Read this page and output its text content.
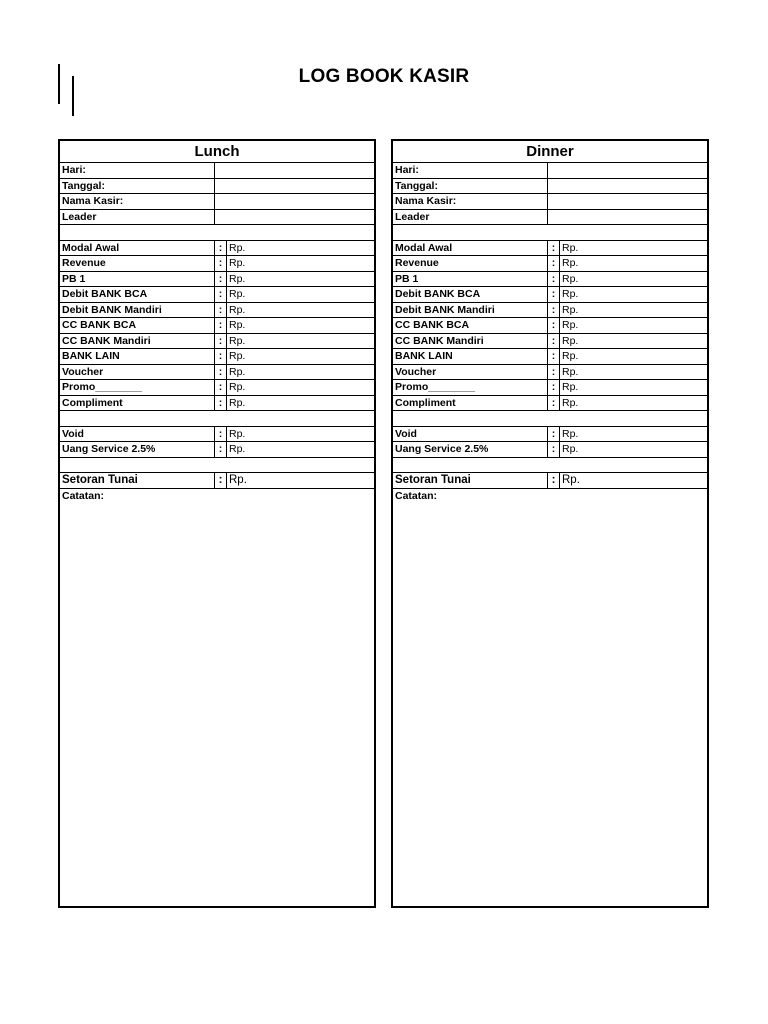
LOG BOOK KASIR
Lunch
Hari:
Tanggal:
Nama Kasir:
Leader
Modal Awal	: Rp.
Revenue	: Rp.
PB 1	: Rp.
Debit BANK BCA	: Rp.
Debit BANK Mandiri	: Rp.
CC BANK BCA	: Rp.
CC BANK Mandiri	: Rp.
BANK LAIN	: Rp.
Voucher	: Rp.
Promo________	: Rp.
Compliment	: Rp.
Void	: Rp.
Uang Service 2.5%	: Rp.
Setoran Tunai	: Rp.
Catatan:
Dinner
Hari:
Tanggal:
Nama Kasir:
Leader
Modal Awal	: Rp.
Revenue	: Rp.
PB 1	: Rp.
Debit BANK BCA	: Rp.
Debit BANK Mandiri	: Rp.
CC BANK BCA	: Rp.
CC BANK Mandiri	: Rp.
BANK LAIN	: Rp.
Voucher	: Rp.
Promo________	: Rp.
Compliment	: Rp.
Void	: Rp.
Uang Service 2.5%	: Rp.
Setoran Tunai	: Rp.
Catatan:
